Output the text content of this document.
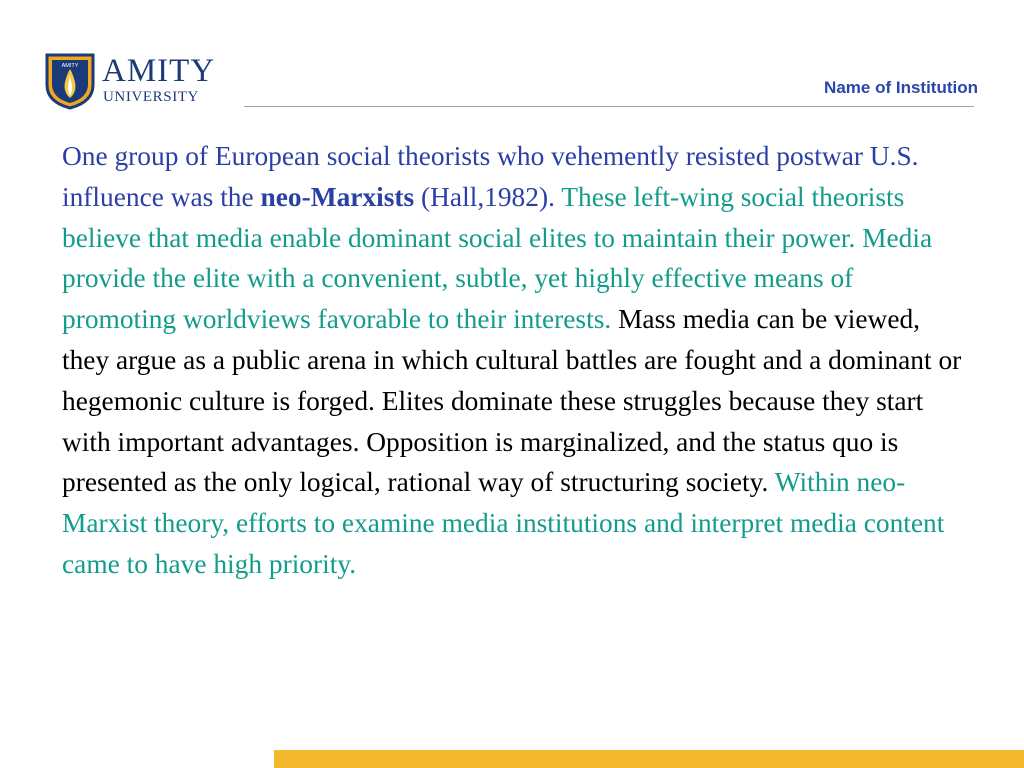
AMITY AMITY
UNIVERSITY	Name of Institution
One group of European social theorists who vehemently resisted postwar U.S. influence was the neo-Marxists (Hall,1982). These left-wing social theorists believe that media enable dominant social elites to maintain their power. Media provide the elite with a convenient, subtle, yet highly effective means of promoting worldviews favorable to their interests. Mass media can be viewed, they argue as a public arena in which cultural battles are fought and a dominant or hegemonic culture is forged. Elites dominate these struggles because they start with important advantages. Opposition is marginalized, and the status quo is presented as the only logical, rational way of structuring society. Within neo-Marxist theory, efforts to examine media institutions and interpret media content came to have high priority.
